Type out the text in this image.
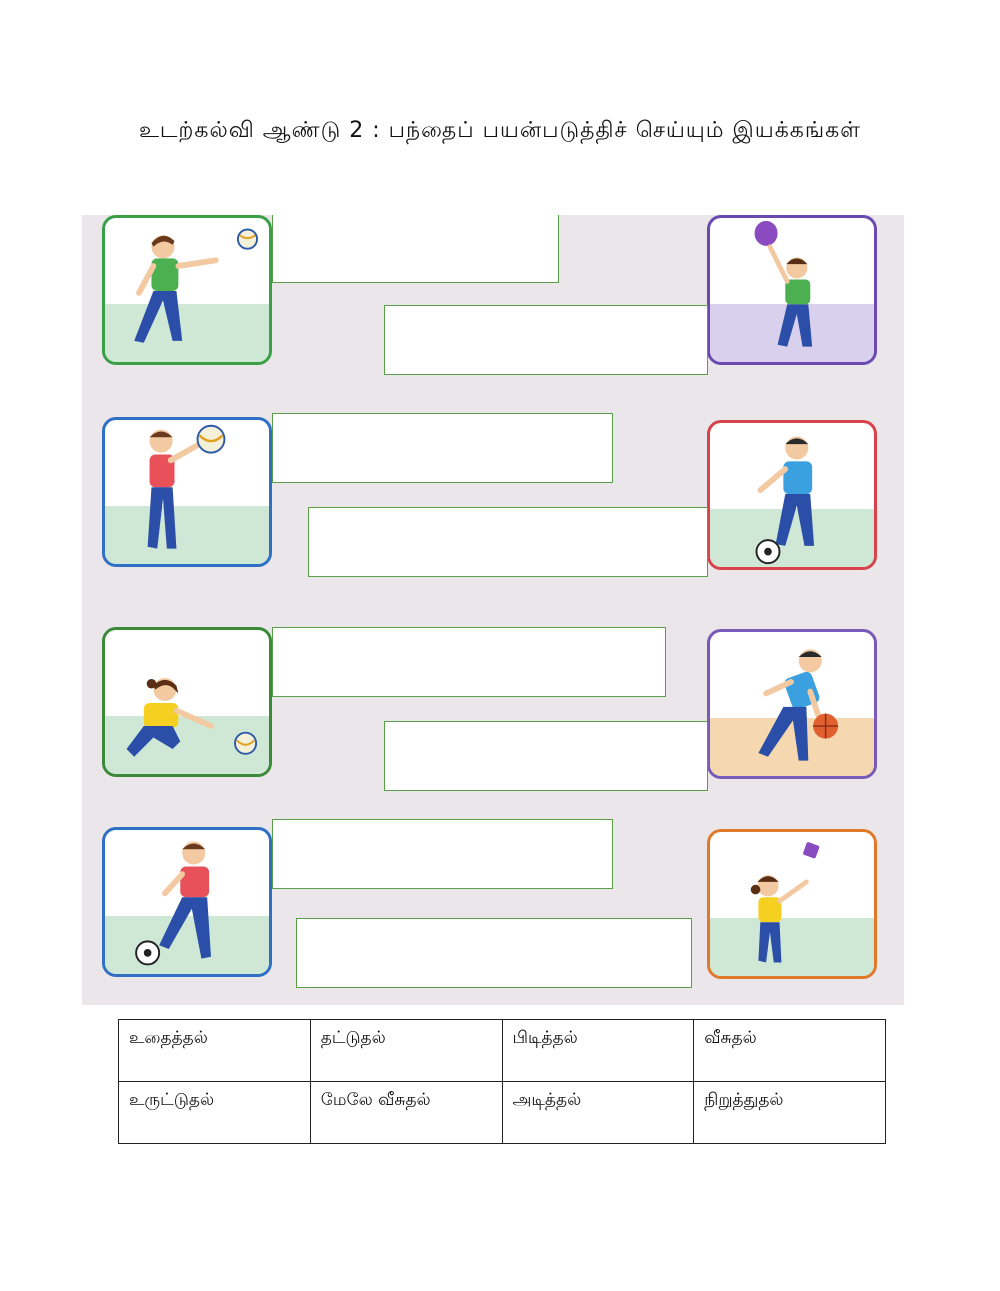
உடற்கல்வி ஆண்டு 2 : பந்தைப் பயன்படுத்திச் செய்யும் இயக்கங்கள்
உதைத்தல்	தட்டுதல்	பிடித்தல்	வீசுதல்
உருட்டுதல்	மேலே வீசுதல்	அடித்தல்	நிறுத்துதல்
